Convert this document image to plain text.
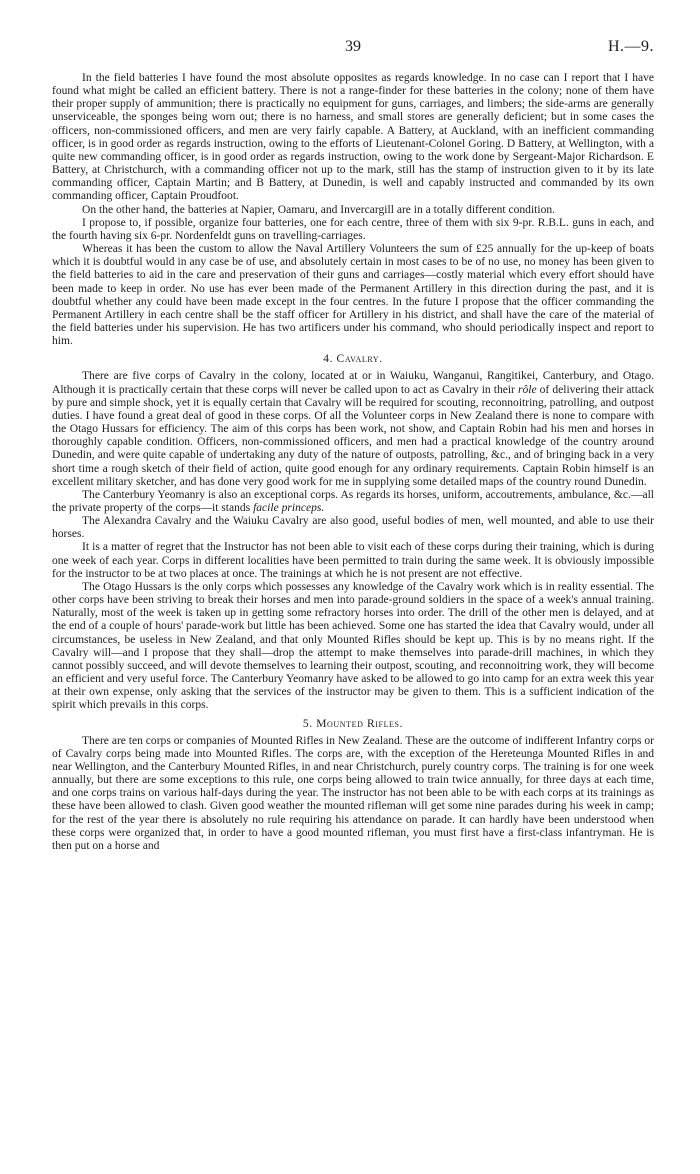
39	H.—9.

In the field batteries I have found the most absolute opposites as regards knowledge. In no case can I report that I have found what might be called an efficient battery. There is not a range-finder for these batteries in the colony; none of them have their proper supply of ammunition; there is practically no equipment for guns, carriages, and limbers; the side-arms are generally unserviceable, the sponges being worn out; there is no harness, and small stores are generally deficient; but in some cases the officers, non-commissioned officers, and men are very fairly capable. A Battery, at Auckland, with an inefficient commanding officer, is in good order as regards instruction, owing to the efforts of Lieutenant-Colonel Goring. D Battery, at Wellington, with a quite new commanding officer, is in good order as regards instruction, owing to the work done by Sergeant-Major Richardson. E Battery, at Christchurch, with a commanding officer not up to the mark, still has the stamp of instruction given to it by its late commanding officer, Captain Martin; and B Battery, at Dunedin, is well and capably instructed and commanded by its own commanding officer, Captain Proudfoot.

On the other hand, the batteries at Napier, Oamaru, and Invercargill are in a totally different condition.

I propose to, if possible, organize four batteries, one for each centre, three of them with six 9-pr. R.B.L. guns in each, and the fourth having six 6-pr. Nordenfeldt guns on travelling-carriages.

Whereas it has been the custom to allow the Naval Artillery Volunteers the sum of £25 annually for the up-keep of boats which it is doubtful would in any case be of use, and absolutely certain in most cases to be of no use, no money has been given to the field batteries to aid in the care and preservation of their guns and carriages—costly material which every effort should have been made to keep in order. No use has ever been made of the Permanent Artillery in this direction during the past, and it is doubtful whether any could have been made except in the four centres. In the future I propose that the officer commanding the Permanent Artillery in each centre shall be the staff officer for Artillery in his district, and shall have the care of the material of the field batteries under his supervision. He has two artificers under his command, who should periodically inspect and report to him.

4. Cavalry.

There are five corps of Cavalry in the colony, located at or in Waiuku, Wanganui, Rangitikei, Canterbury, and Otago. Although it is practically certain that these corps will never be called upon to act as Cavalry in their rôle of delivering their attack by pure and simple shock, yet it is equally certain that Cavalry will be required for scouting, reconnoitring, patrolling, and outpost duties. I have found a great deal of good in these corps. Of all the Volunteer corps in New Zealand there is none to compare with the Otago Hussars for efficiency. The aim of this corps has been work, not show, and Captain Robin had his men and horses in thoroughly capable condition. Officers, non-commissioned officers, and men had a practical knowledge of the country around Dunedin, and were quite capable of undertaking any duty of the nature of outposts, patrolling, &c., and of bringing back in a very short time a rough sketch of their field of action, quite good enough for any ordinary requirements. Captain Robin himself is an excellent military sketcher, and has done very good work for me in supplying some detailed maps of the country round Dunedin.

The Canterbury Yeomanry is also an exceptional corps. As regards its horses, uniform, accoutrements, ambulance, &c.—all the private property of the corps—it stands facile princeps.

The Alexandra Cavalry and the Waiuku Cavalry are also good, useful bodies of men, well mounted, and able to use their horses.

It is a matter of regret that the Instructor has not been able to visit each of these corps during their training, which is during one week of each year. Corps in different localities have been permitted to train during the same week. It is obviously impossible for the instructor to be at two places at once. The trainings at which he is not present are not effective.

The Otago Hussars is the only corps which possesses any knowledge of the Cavalry work which is in reality essential. The other corps have been striving to break their horses and men into parade-ground soldiers in the space of a week's annual training. Naturally, most of the week is taken up in getting some refractory horses into order. The drill of the other men is delayed, and at the end of a couple of hours' parade-work but little has been achieved. Some one has started the idea that Cavalry would, under all circumstances, be useless in New Zealand, and that only Mounted Rifles should be kept up. This is by no means right. If the Cavalry will—and I propose that they shall—drop the attempt to make themselves into parade-drill machines, in which they cannot possibly succeed, and will devote themselves to learning their outpost, scouting, and reconnoitring work, they will become an efficient and very useful force. The Canterbury Yeomanry have asked to be allowed to go into camp for an extra week this year at their own expense, only asking that the services of the instructor may be given to them. This is a sufficient indication of the spirit which prevails in this corps.

5. Mounted Rifles.

There are ten corps or companies of Mounted Rifles in New Zealand. These are the outcome of indifferent Infantry corps or of Cavalry corps being made into Mounted Rifles. The corps are, with the exception of the Hereteunga Mounted Rifles in and near Wellington, and the Canterbury Mounted Rifles, in and near Christchurch, purely country corps. The training is for one week annually, but there are some exceptions to this rule, one corps being allowed to train twice annually, for three days at each time, and one corps trains on various half-days during the year. The instructor has not been able to be with each corps at its trainings as these have been allowed to clash. Given good weather the mounted rifleman will get some nine parades during his week in camp; for the rest of the year there is absolutely no rule requiring his attendance on parade. It can hardly have been understood when these corps were organized that, in order to have a good mounted rifleman, you must first have a first-class infantryman. He is then put on a horse and
